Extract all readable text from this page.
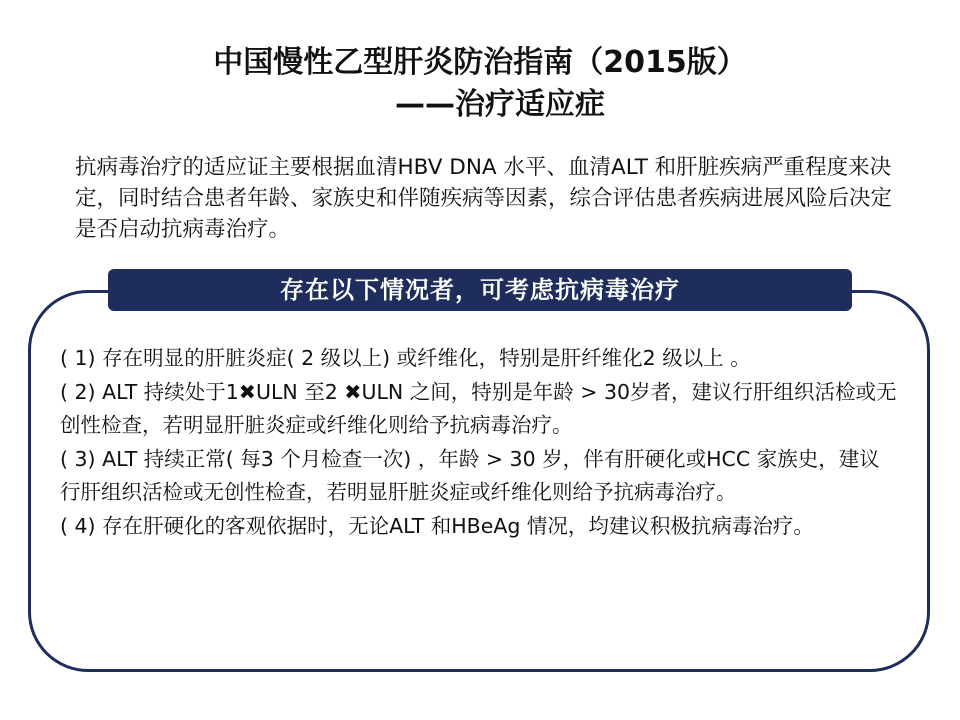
中国慢性乙型肝炎防治指南（2015版）
——治疗适应症
抗病毒治疗的适应证主要根据血清HBV DNA 水平、血清ALT 和肝脏疾病严重程度来决定，同时结合患者年龄、家族史和伴随疾病等因素，综合评估患者疾病进展风险后决定是否启动抗病毒治疗。
存在以下情况者，可考虑抗病毒治疗
( 1) 存在明显的肝脏炎症( 2 级以上) 或纤维化，特别是肝纤维化2 级以上 。
( 2) ALT 持续处于1✖ULN 至2 ✖ULN 之间，特别是年龄 > 30岁者，建议行肝组织活检或无创性检查，若明显肝脏炎症或纤维化则给予抗病毒治疗。
( 3) ALT 持续正常( 每3 个月检查一次) ，年龄 > 30 岁，伴有肝硬化或HCC 家族史，建议行肝组织活检或无创性检查，若明显肝脏炎症或纤维化则给予抗病毒治疗。
( 4) 存在肝硬化的客观依据时，无论ALT 和HBeAg 情况，均建议积极抗病毒治疗。
